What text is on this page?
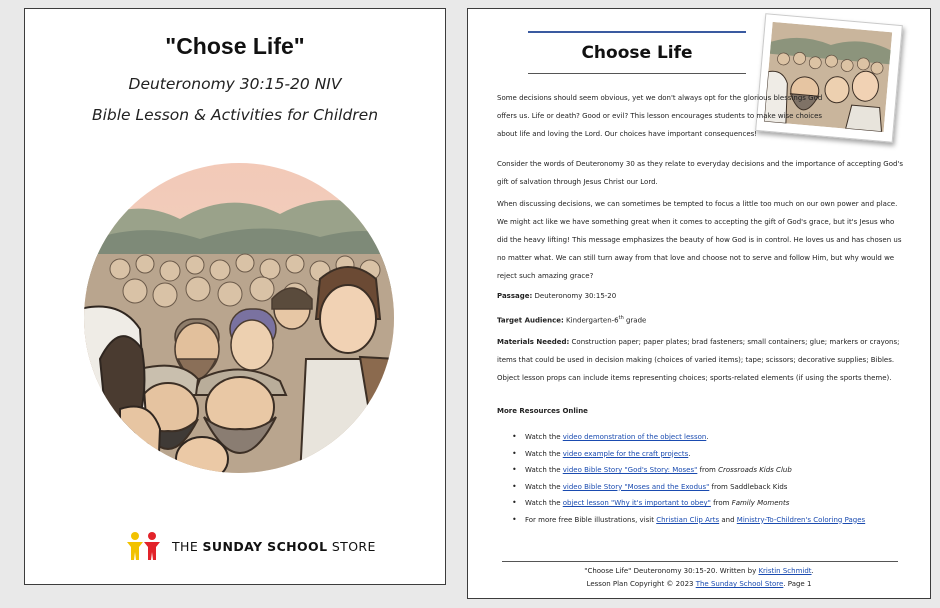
"Chose Life"
Deuteronomy 30:15-20 NIV
Bible Lesson & Activities for Children
THE SUNDAY SCHOOL STORE
Choose Life
Some decisions should seem obvious, yet we don't always opt for the glorious blessings God offers us. Life or death? Good or evil? This lesson encourages students to make wise choices about life and loving the Lord. Our choices have important consequences!
Consider the words of Deuteronomy 30 as they relate to everyday decisions and the importance of accepting God's gift of salvation through Jesus Christ our Lord.
When discussing decisions, we can sometimes be tempted to focus a little too much on our own power and place. We might act like we have something great when it comes to accepting the gift of God's grace, but it's Jesus who did the heavy lifting! This message emphasizes the beauty of how God is in control. He loves us and has chosen us no matter what. We can still turn away from that love and choose not to serve and follow Him, but why would we reject such amazing grace?
Passage: Deuteronomy 30:15-20
Target Audience: Kindergarten-6th grade
Materials Needed: Construction paper; paper plates; brad fasteners; small containers; glue; markers or crayons; items that could be used in decision making (choices of varied items); tape; scissors; decorative supplies; Bibles. Object lesson props can include items representing choices; sports-related elements (if using the sports theme).
More Resources Online
• Watch the video demonstration of the object lesson.
• Watch the video example for the craft projects.
• Watch the video Bible Story "God's Story: Moses" from Crossroads Kids Club
• Watch the video Bible Story "Moses and the Exodus" from Saddleback Kids
• Watch the object lesson "Why it's important to obey" from Family Moments
• For more free Bible illustrations, visit Christian Clip Arts and Ministry-To-Children's Coloring Pages
"Choose Life" Deuteronomy 30:15-20. Written by Kristin Schmidt.
Lesson Plan Copyright © 2023 The Sunday School Store. Page 1
